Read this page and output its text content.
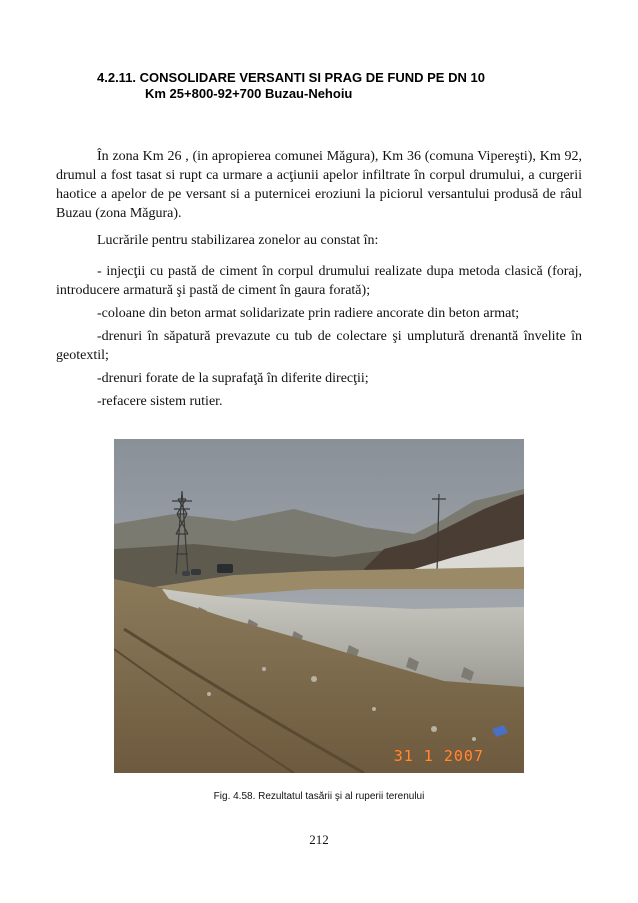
4.2.11. CONSOLIDARE VERSANTI SI PRAG DE FUND PE DN 10
Km 25+800-92+700 Buzau-Nehoiu

În zona Km 26 , (in apropierea comunei Măgura), Km 36 (comuna Vipereşti), Km 92, drumul a fost tasat si rupt ca urmare a acţiunii apelor infiltrate în corpul drumului, a curgerii haotice a apelor de pe versant si a puternicei eroziuni la piciorul versantului produsă de râul Buzau (zona Măgura).

Lucrările pentru stabilizarea zonelor au constat în:

- injecţii cu pastă de ciment în corpul drumului realizate dupa metoda clasică (foraj, introducere armatură şi pastă de ciment în gaura forată);

-coloane din beton armat solidarizate prin radiere ancorate din beton armat;

-drenuri în săpatură prevazute cu tub de colectare şi umplutură drenantă învelite în geotextil;

-drenuri forate de la suprafaţă în diferite direcţii;

-refacere sistem rutier.

31 1 2007
Fig. 4.58. Rezultatul tasării şi al ruperii terenului
212
